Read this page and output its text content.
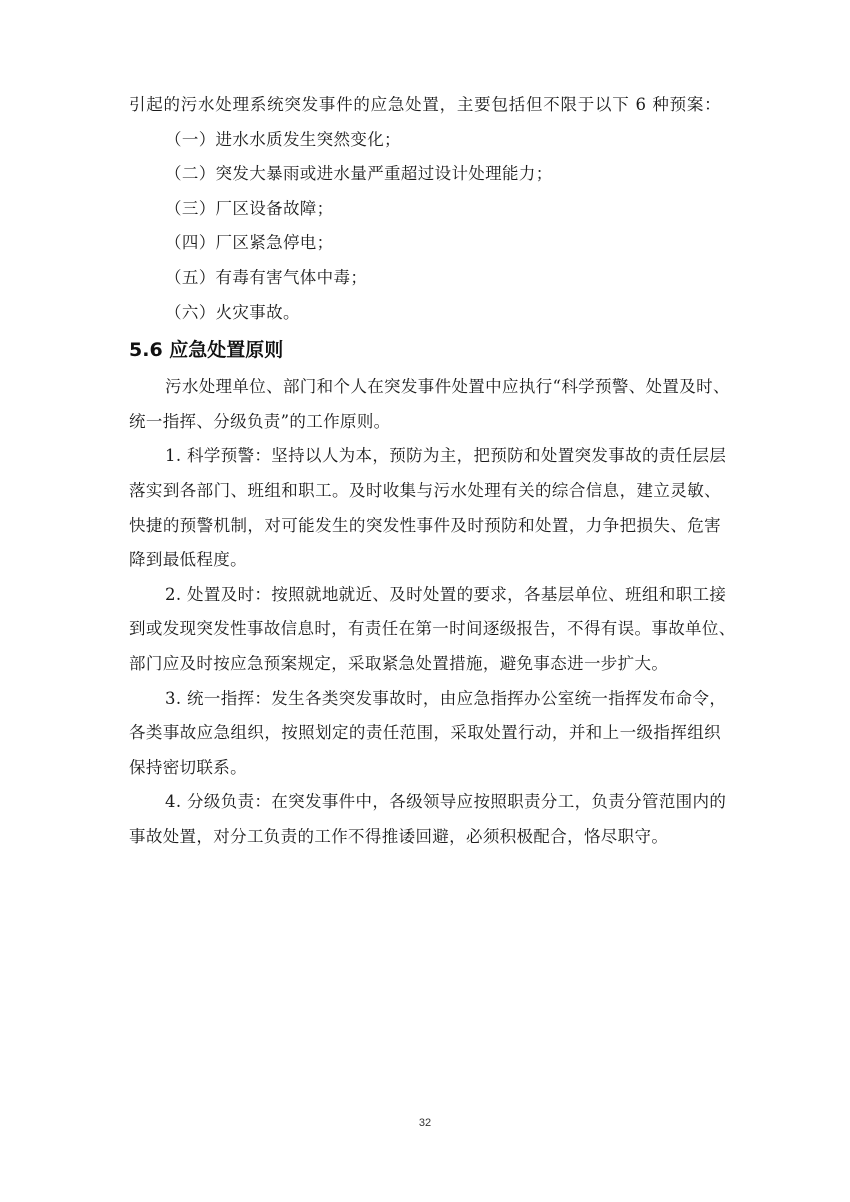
引起的污水处理系统突发事件的应急处置，主要包括但不限于以下 6 种预案：
（一）进水水质发生突然变化；
（二）突发大暴雨或进水量严重超过设计处理能力；
（三）厂区设备故障；
（四）厂区紧急停电；
（五）有毒有害气体中毒；
（六）火灾事故。
5.6 应急处置原则
污水处理单位、部门和个人在突发事件处置中应执行“科学预警、处置及时、
统一指挥、分级负责”的工作原则。
1. 科学预警：坚持以人为本，预防为主，把预防和处置突发事故的责任层层
落实到各部门、班组和职工。及时收集与污水处理有关的综合信息，建立灵敏、
快捷的预警机制，对可能发生的突发性事件及时预防和处置，力争把损失、危害
降到最低程度。
2. 处置及时：按照就地就近、及时处置的要求，各基层单位、班组和职工接
到或发现突发性事故信息时，有责任在第一时间逐级报告，不得有误。事故单位、
部门应及时按应急预案规定，采取紧急处置措施，避免事态进一步扩大。
3. 统一指挥：发生各类突发事故时，由应急指挥办公室统一指挥发布命令，
各类事故应急组织，按照划定的责任范围，采取处置行动，并和上一级指挥组织
保持密切联系。
4. 分级负责：在突发事件中，各级领导应按照职责分工，负责分管范围内的
事故处置，对分工负责的工作不得推诿回避，必须积极配合，恪尽职守。
32
